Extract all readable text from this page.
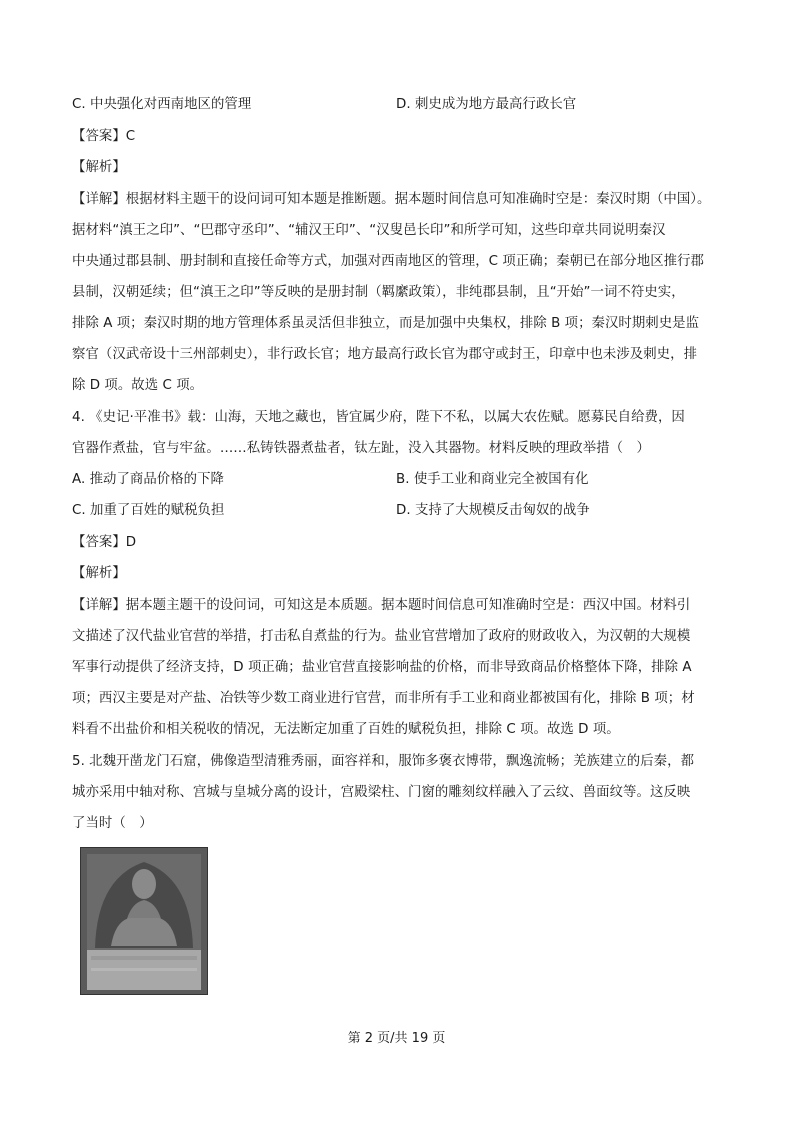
C. 中央强化对西南地区的管理	D. 刺史成为地方最高行政长官
【答案】C
【解析】
【详解】根据材料主题干的设问词可知本题是推断题。据本题时间信息可知准确时空是：秦汉时期（中国）。
据材料“滇王之印”、“巴郡守丞印”、“辅汉王印”、“汉叟邑长印”和所学可知，这些印章共同说明秦汉
中央通过郡县制、册封制和直接任命等方式，加强对西南地区的管理，C 项正确；秦朝已在部分地区推行郡
县制，汉朝延续；但“滇王之印”等反映的是册封制（羁縻政策），非纯郡县制，且“开始”一词不符史实，
排除 A 项；秦汉时期的地方管理体系虽灵活但非独立，而是加强中央集权，排除 B 项；秦汉时期刺史是监
察官（汉武帝设十三州部刺史），非行政长官；地方最高行政长官为郡守或封王，印章中也未涉及刺史，排
除 D 项。故选 C 项。
4. 《史记·平准书》载：山海，天地之藏也，皆宜属少府，陛下不私，以属大农佐赋。愿募民自给费，因
官器作煮盐，官与牢盆。……私铸铁器煮盐者，钛左趾，没入其器物。材料反映的理政举措（　）
A. 推动了商品价格的下降	B. 使手工业和商业完全被国有化
C. 加重了百姓的赋税负担	D. 支持了大规模反击匈奴的战争
【答案】D
【解析】
【详解】据本题主题干的设问词，可知这是本质题。据本题时间信息可知准确时空是：西汉中国。材料引
文描述了汉代盐业官营的举措，打击私自煮盐的行为。盐业官营增加了政府的财政收入，为汉朝的大规模
军事行动提供了经济支持，D 项正确；盐业官营直接影响盐的价格，而非导致商品价格整体下降，排除 A
项；西汉主要是对产盐、冶铁等少数工商业进行官营，而非所有手工业和商业都被国有化，排除 B 项；材
料看不出盐价和相关税收的情况，无法断定加重了百姓的赋税负担，排除 C 项。故选 D 项。
5. 北魏开凿龙门石窟，佛像造型清雅秀丽，面容祥和，服饰多褒衣博带，飘逸流畅；羌族建立的后秦，都
城亦采用中轴对称、宫城与皇城分离的设计，宫殿梁柱、门窗的雕刻纹样融入了云纹、兽面纹等。这反映
了当时（　）
第 2 页/共 19 页
